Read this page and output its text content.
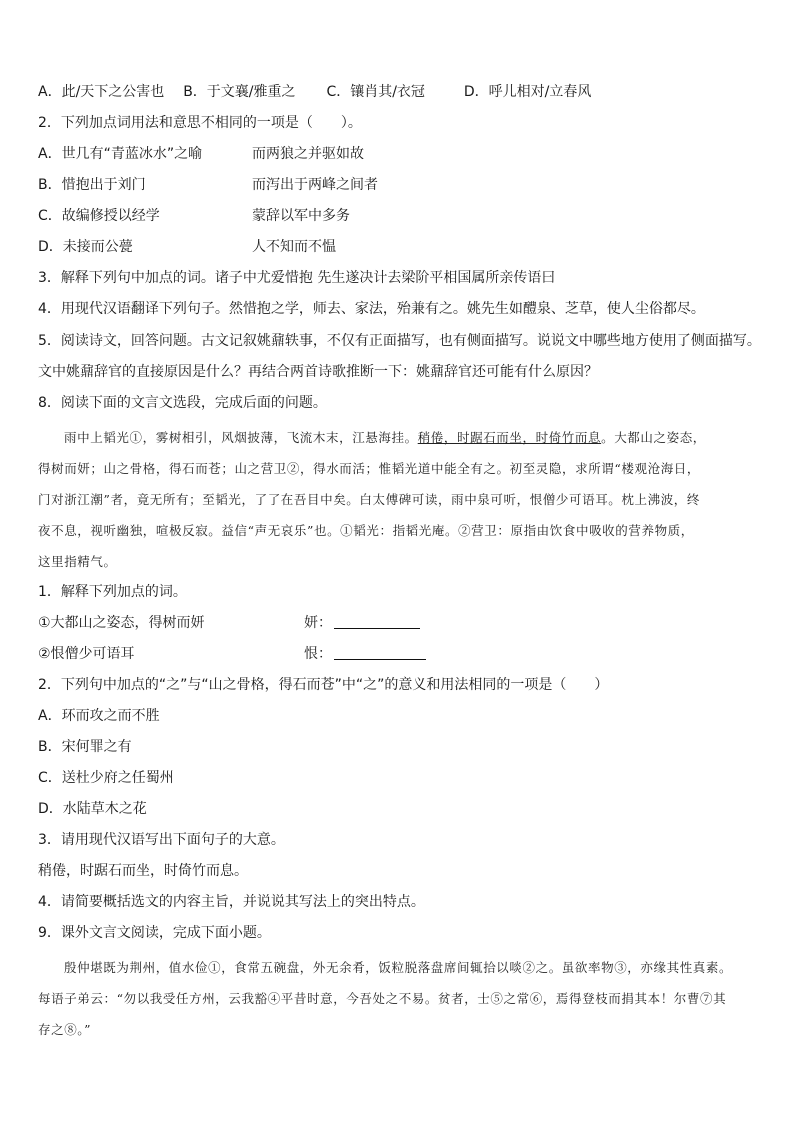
A．此/天下之公害也 B．于文襄/雅重之 C．镶肖其/衣冠	D．呼儿相对/立春风
2．下列加点词用法和意思不相同的一项是（　　）。
A．世几有“青蓝冰水”之喻	而两狼之并驱如故
B．惜抱出于刘门	而泻出于两峰之间者
C．故编修授以经学	蒙辞以军中多务
D．未接而公甍	人不知而不愠
3．解释下列句中加点的词。诸子中尤爱惜抱 先生遂决计去梁阶平相国属所亲传语曰
4．用现代汉语翻译下列句子。然惜抱之学，师去、家法，殆兼有之。姚先生如醴泉、芝草，使人尘俗都尽。
5．阅读诗文，回答问题。古文记叙姚鼐轶事，不仅有正面描写，也有侧面描写。说说文中哪些地方使用了侧面描写。
文中姚鼐辞官的直接原因是什么？再结合两首诗歌推断一下：姚鼐辞官还可能有什么原因？
8．阅读下面的文言文选段，完成后面的问题。
雨中上韬光①，雾树相引，风烟披薄，飞流木末，江悬海挂。稍倦，时踞石而坐，时倚竹而息。大都山之姿态，
得树而妍；山之骨格，得石而苍；山之营卫②，得水而活；惟韬光道中能全有之。初至灵隐，求所谓“楼观沧海日，
门对浙江潮”者，竟无所有；至韬光，了了在吾目中矣。白太傅碑可读，雨中泉可听，恨僧少可语耳。枕上沸波，终
夜不息，视听幽独，喧极反寂。益信“声无哀乐”也。①韬光：指韬光庵。②营卫：原指由饮食中吸收的营养物质，
这里指精气。
1．解释下列加点的词。
①大都山之姿态，得树而妍	妍：
②恨僧少可语耳	恨：
2．下列句中加点的“之”与“山之骨格，得石而苍”中“之”的意义和用法相同的一项是（　　）
A．环而攻之而不胜
B．宋何罪之有
C．送杜少府之任蜀州
D．水陆草木之花
3．请用现代汉语写出下面句子的大意。
稍倦，时踞石而坐，时倚竹而息。
4．请简要概括选文的内容主旨，并说说其写法上的突出特点。
9．课外文言文阅读，完成下面小题。
殷仲堪既为荆州，值水俭①，食常五碗盘，外无余肴，饭粒脱落盘席间辄拾以啖②之。虽欲率物③，亦缘其性真素。
每语子弟云：“勿以我受任方州，云我豁④平昔时意，今吾处之不易。贫者，士⑤之常⑥，焉得登枝而捐其本！尔曹⑦其
存之⑧。”
